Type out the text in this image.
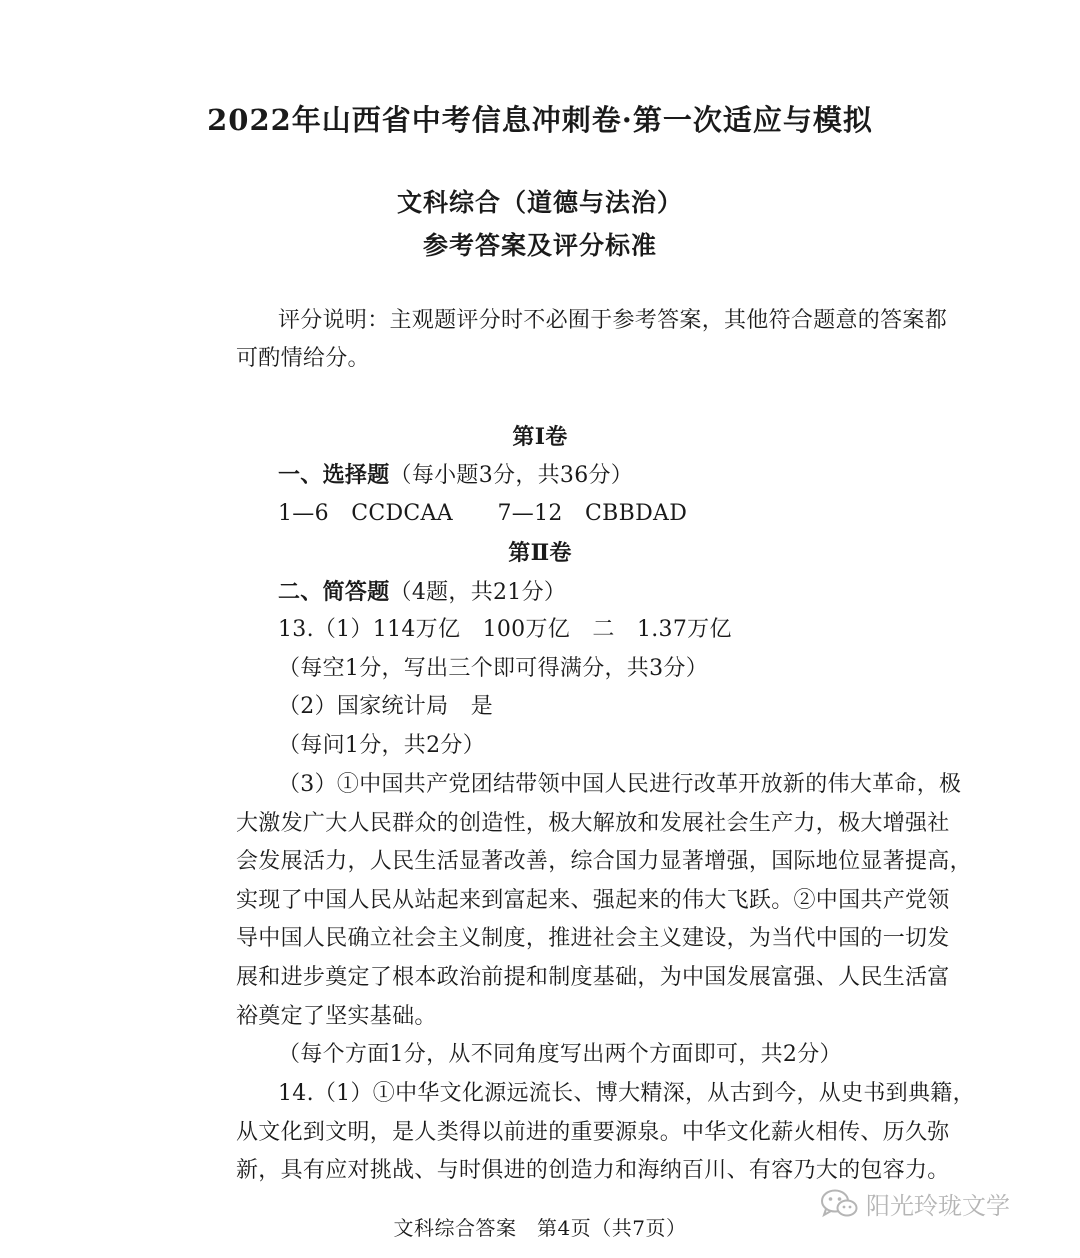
2022年山西省中考信息冲刺卷·第一次适应与模拟
文科综合（道德与法治）
参考答案及评分标准
评分说明：主观题评分时不必囿于参考答案，其他符合题意的答案都
可酌情给分。
第Ⅰ卷
一、选择题（每小题3分，共36分）
1—6　CCDCAA　　7—12　CBBDAD
第Ⅱ卷
二、简答题（4题，共21分）
13.（1）114万亿　100万亿　二　1.37万亿
（每空1分，写出三个即可得满分，共3分）
（2）国家统计局　是
（每问1分，共2分）
（3）①中国共产党团结带领中国人民进行改革开放新的伟大革命，极
大激发广大人民群众的创造性，极大解放和发展社会生产力，极大增强社
会发展活力，人民生活显著改善，综合国力显著增强，国际地位显著提高，
实现了中国人民从站起来到富起来、强起来的伟大飞跃。②中国共产党领
导中国人民确立社会主义制度，推进社会主义建设，为当代中国的一切发
展和进步奠定了根本政治前提和制度基础，为中国发展富强、人民生活富
裕奠定了坚实基础。
（每个方面1分，从不同角度写出两个方面即可，共2分）
14.（1）①中华文化源远流长、博大精深，从古到今，从史书到典籍，
从文化到文明，是人类得以前进的重要源泉。中华文化薪火相传、历久弥
新，具有应对挑战、与时俱进的创造力和海纳百川、有容乃大的包容力。
文科综合答案　第4页（共7页）
阳光玲珑文学
